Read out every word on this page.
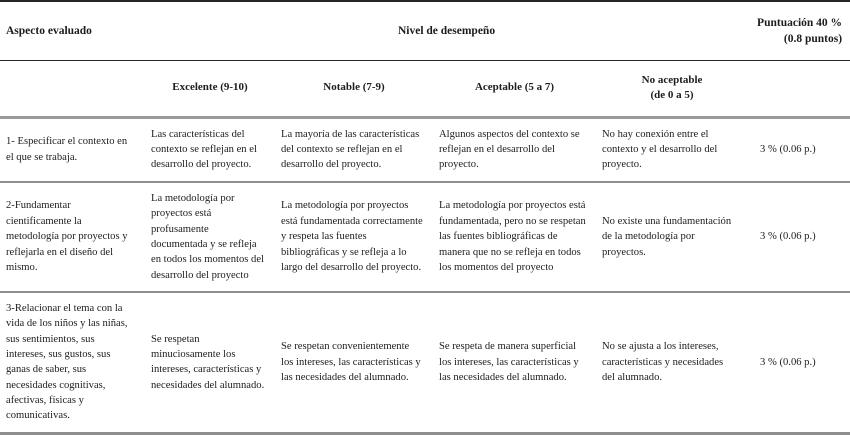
Aspecto evaluado	Nivel de desempeño				Puntuación 40 %
(0.8 puntos)

	Excelente (9-10)	Notable (7-9)	Aceptable (5 a 7)	No aceptable
(de 0 a 5)	

1- Especificar el contexto en el que se trabaja.	Las características del contexto se reflejan en el desarrollo del proyecto.	La mayoría de las características del contexto se reflejan en el desarrollo del proyecto.	Algunos aspectos del contexto se reflejan en el desarrollo del proyecto.	No hay conexión entre el contexto y el desarrollo del proyecto.	3 % (0.06 p.)
2-Fundamentar cientificamente la metodología por proyectos y reflejarla en el diseño del mismo.	La metodología por proyectos está profusamente documentada y se refleja en todos los momentos del desarrollo del proyecto	La metodología por proyectos está fundamentada correctamente y respeta las fuentes bibliográficas y se refleja a lo largo del desarrollo del proyecto.	La metodología por proyectos está fundamentada, pero no se respetan las fuentes bibliográficas de manera que no se refleja en todos los momentos del proyecto	No existe una fundamentación de la metodología por proyectos.	3 % (0.06 p.)
3-Relacionar el tema con la vida de los niños y las niñas, sus sentimientos, sus intereses, sus gustos, sus ganas de saber, sus necesidades cognitivas, afectivas, físicas y comunicativas.	Se respetan minuciosamente los intereses, características y necesidades del alumnado.	Se respetan convenientemente los intereses, las características y las necesidades del alumnado.	Se respeta de manera superficial los intereses, las características y las necesidades del alumnado.	No se ajusta a los intereses, características y necesidades del alumnado.	3 % (0.06 p.)
